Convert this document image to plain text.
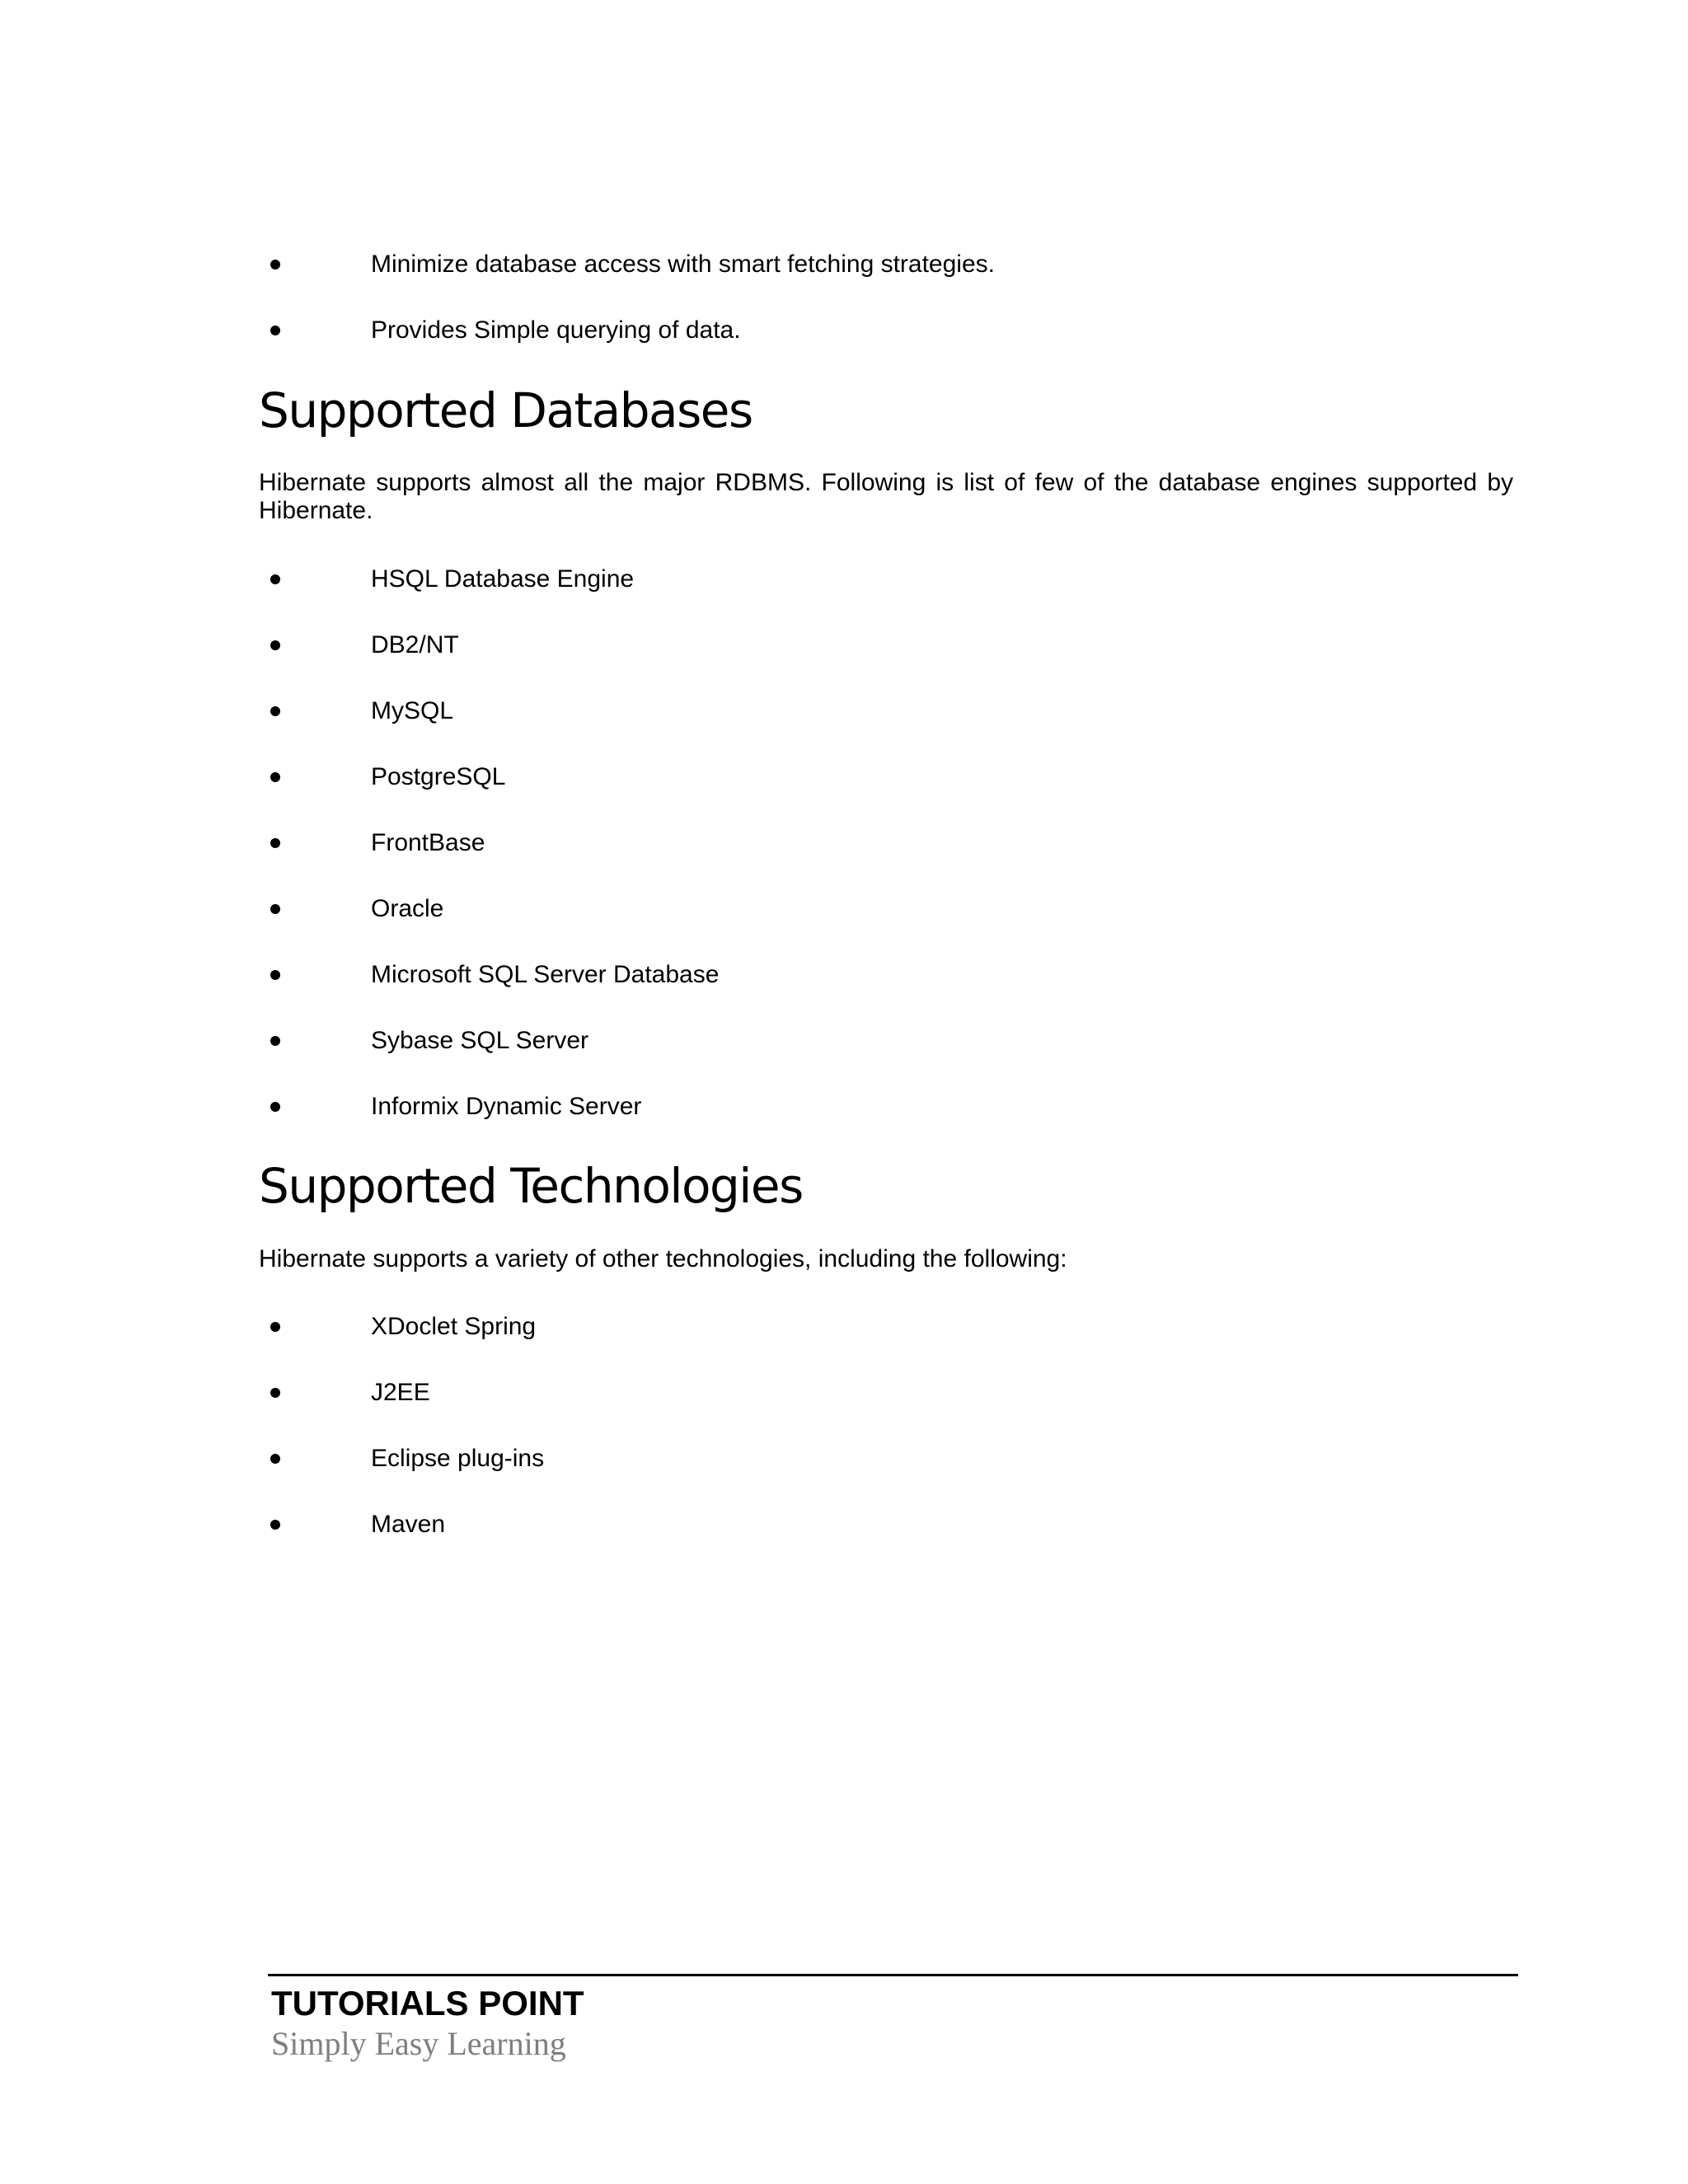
Minimize database access with smart fetching strategies.
Provides Simple querying of data.
Supported Databases

Hibernate supports almost all the major RDBMS. Following is list of few of the database engines supported by Hibernate.

HSQL Database Engine
DB2/NT
MySQL
PostgreSQL
FrontBase
Oracle
Microsoft SQL Server Database
Sybase SQL Server
Informix Dynamic Server
Supported Technologies

Hibernate supports a variety of other technologies, including the following:

XDoclet Spring
J2EE
Eclipse plug-ins
Maven
TUTORIALS POINT
Simply Easy Learning
